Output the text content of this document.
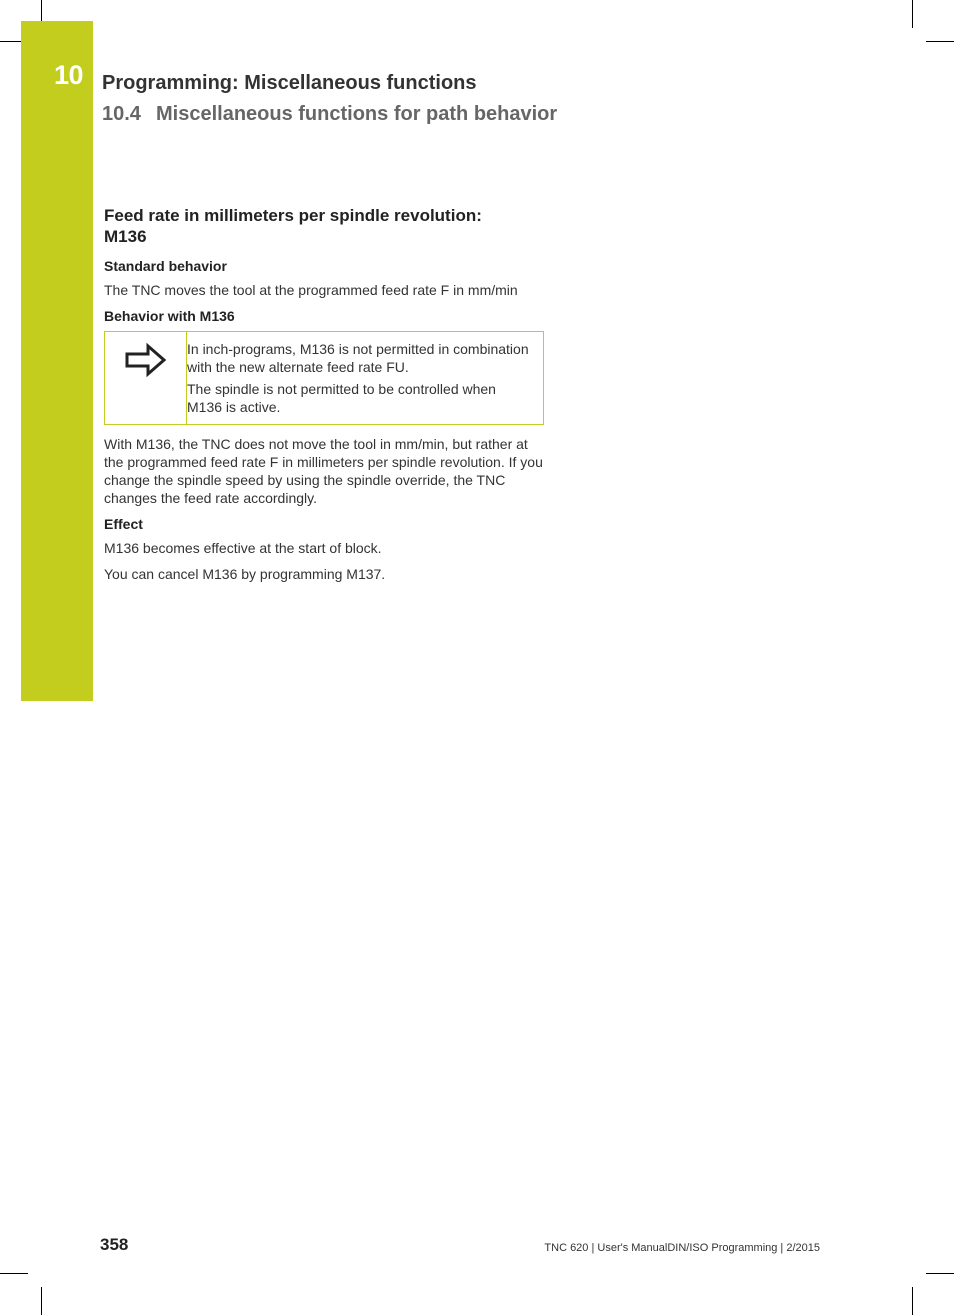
10 Programming: Miscellaneous functions
10.4 Miscellaneous functions for path behavior
Feed rate in millimeters per spindle revolution:
M136
Standard behavior

The TNC moves the tool at the programmed feed rate F in mm/min

Behavior with M136

In inch-programs, M136 is not permitted in combination with the new alternate feed rate FU.

The spindle is not permitted to be controlled when M136 is active.

With M136, the TNC does not move the tool in mm/min, but rather at the programmed feed rate F in millimeters per spindle revolution. If you change the spindle speed by using the spindle override, the TNC changes the feed rate accordingly.

Effect

M136 becomes effective at the start of block.

You can cancel M136 by programming M137.

358	TNC 620 | User's ManualDIN/ISO Programming | 2/2015
